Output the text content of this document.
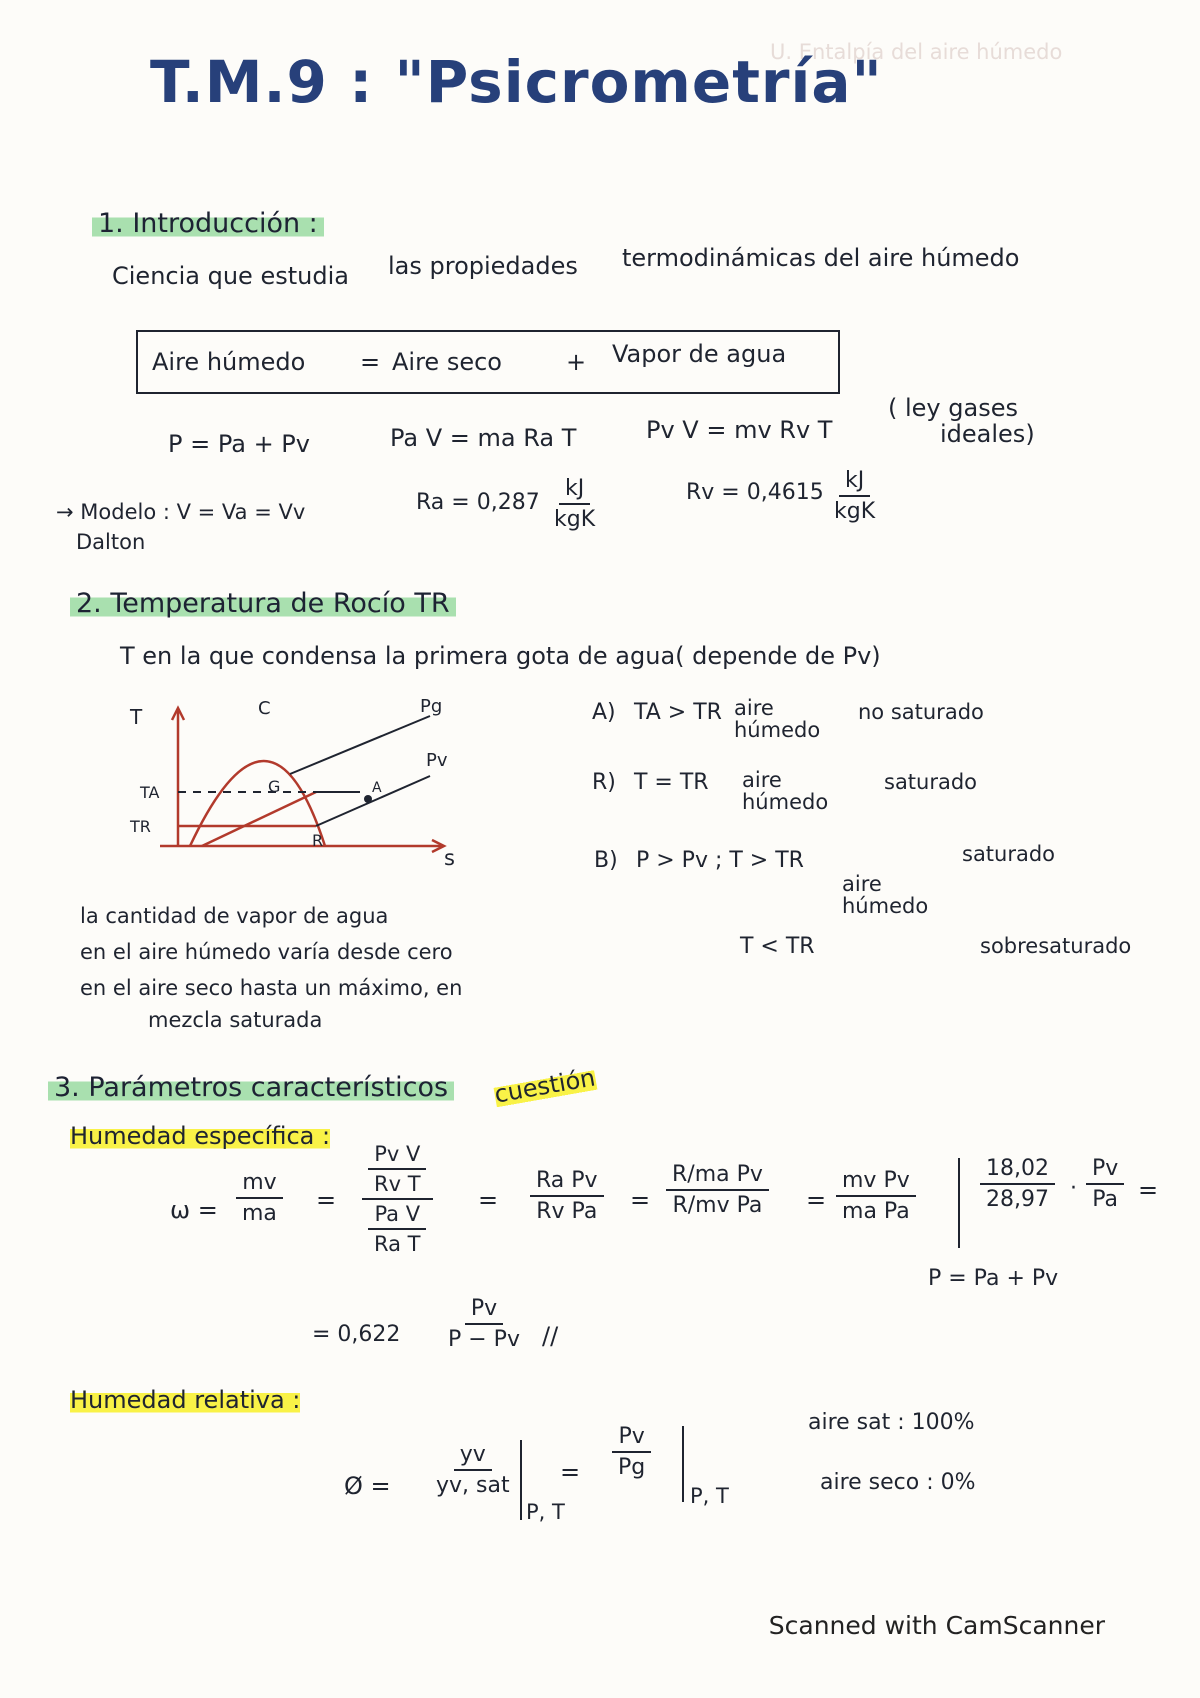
U. Entalpía del aire húmedo
T.M.9 : "Psicrometría"
1. Introducción :
Ciencia que estudia las propiedades termodinámicas del aire húmedo
Aire húmedo = Aire seco	+ Vapor de agua
P = Pa + Pv	Pa V = ma Ra T	Pv V = mv Rv T
( ley gases
ideales)
→ Modelo : V = Va = Vv
Dalton
$Ra = 0,287 \frac{kJ}{\text{kgK}}$	$Rv = 0,4615 \frac{kJ}{\text{kgK}}$
2. Temperatura de Rocío TR
T en la que condensa la primera gota de agua( depende de Pv)
T	C
G
R
A
TA
TR
Pg
Pv
s
A) TA > TR aire
húmedo
no saturado
R) T = TR aire
húmedo
saturado
B) P > Pv ; T > TR
aire
húmedo
saturado
T < TR	sobresaturado
la cantidad de vapor de agua
en el aire húmedo varía desde cero
en el aire seco hasta un máximo, en
mezcla saturada
3. Parámetros característicos cuestión
Humedad específica :
$\omega = \frac{mv}{ma} = \frac{\frac{\text{Pv V}}{\text{Rv T}}}{\frac{\text{Pa V}}{\text{Ra T}}} = \frac{\text{Ra Pv}}{\text{Rv Pa}} = \frac{\text{R/ma Pv}}{\text{R/mv Pa}} = \frac{\text{mv Pv}}{\text{ma Pa}}$	$\frac{18,02}{28,97} \cdot \frac{Pv}{Pa}$ =
P = Pa + Pv
= $0,622 \frac{Pv}{P - Pv}$ //
Humedad relativa :
Ø = $\frac{yv}{\text{yv, sat}}$
P, T
= $\frac{Pv}{Pg}$
P, T
aire sat : 100%
aire seco : 0%
Scanned with CamScanner
